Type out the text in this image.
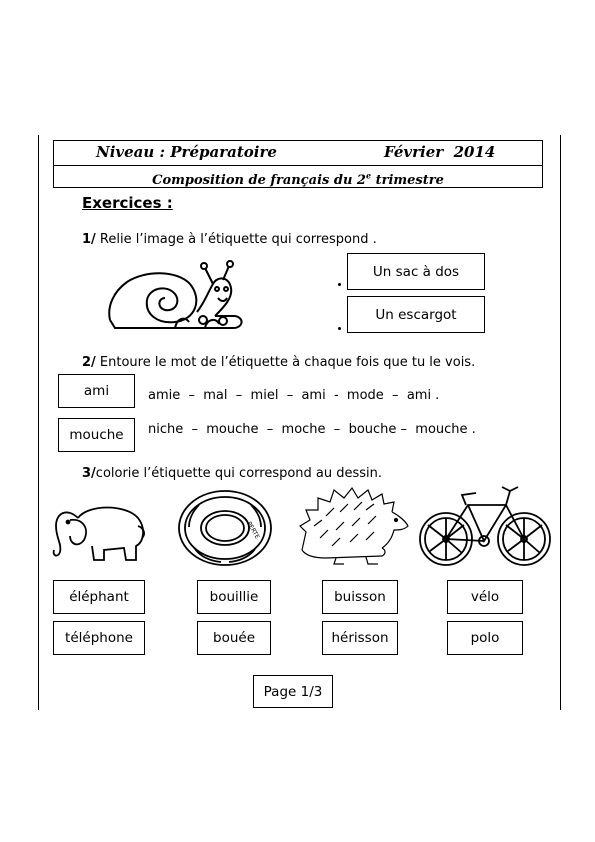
Niveau : Préparatoire	Février  2014
Composition de français du 2e trimestre
Exercices :
1/ Relie l’image à l’étiquette qui correspond .
Un sac à dos
Un escargot
2/ Entoure le mot de l’étiquette à chaque fois que tu le vois.
ami	amie  –  mal  –  miel  –  ami  -  mode  –  ami .
mouche	niche  –  mouche  –  moche  –  bouche –  mouche .
3/colorie l’étiquette qui correspond au dessin.
PERTE
éléphant
téléphone
bouillie
bouée
buisson
hérisson
vélo
polo
Page 1/3
